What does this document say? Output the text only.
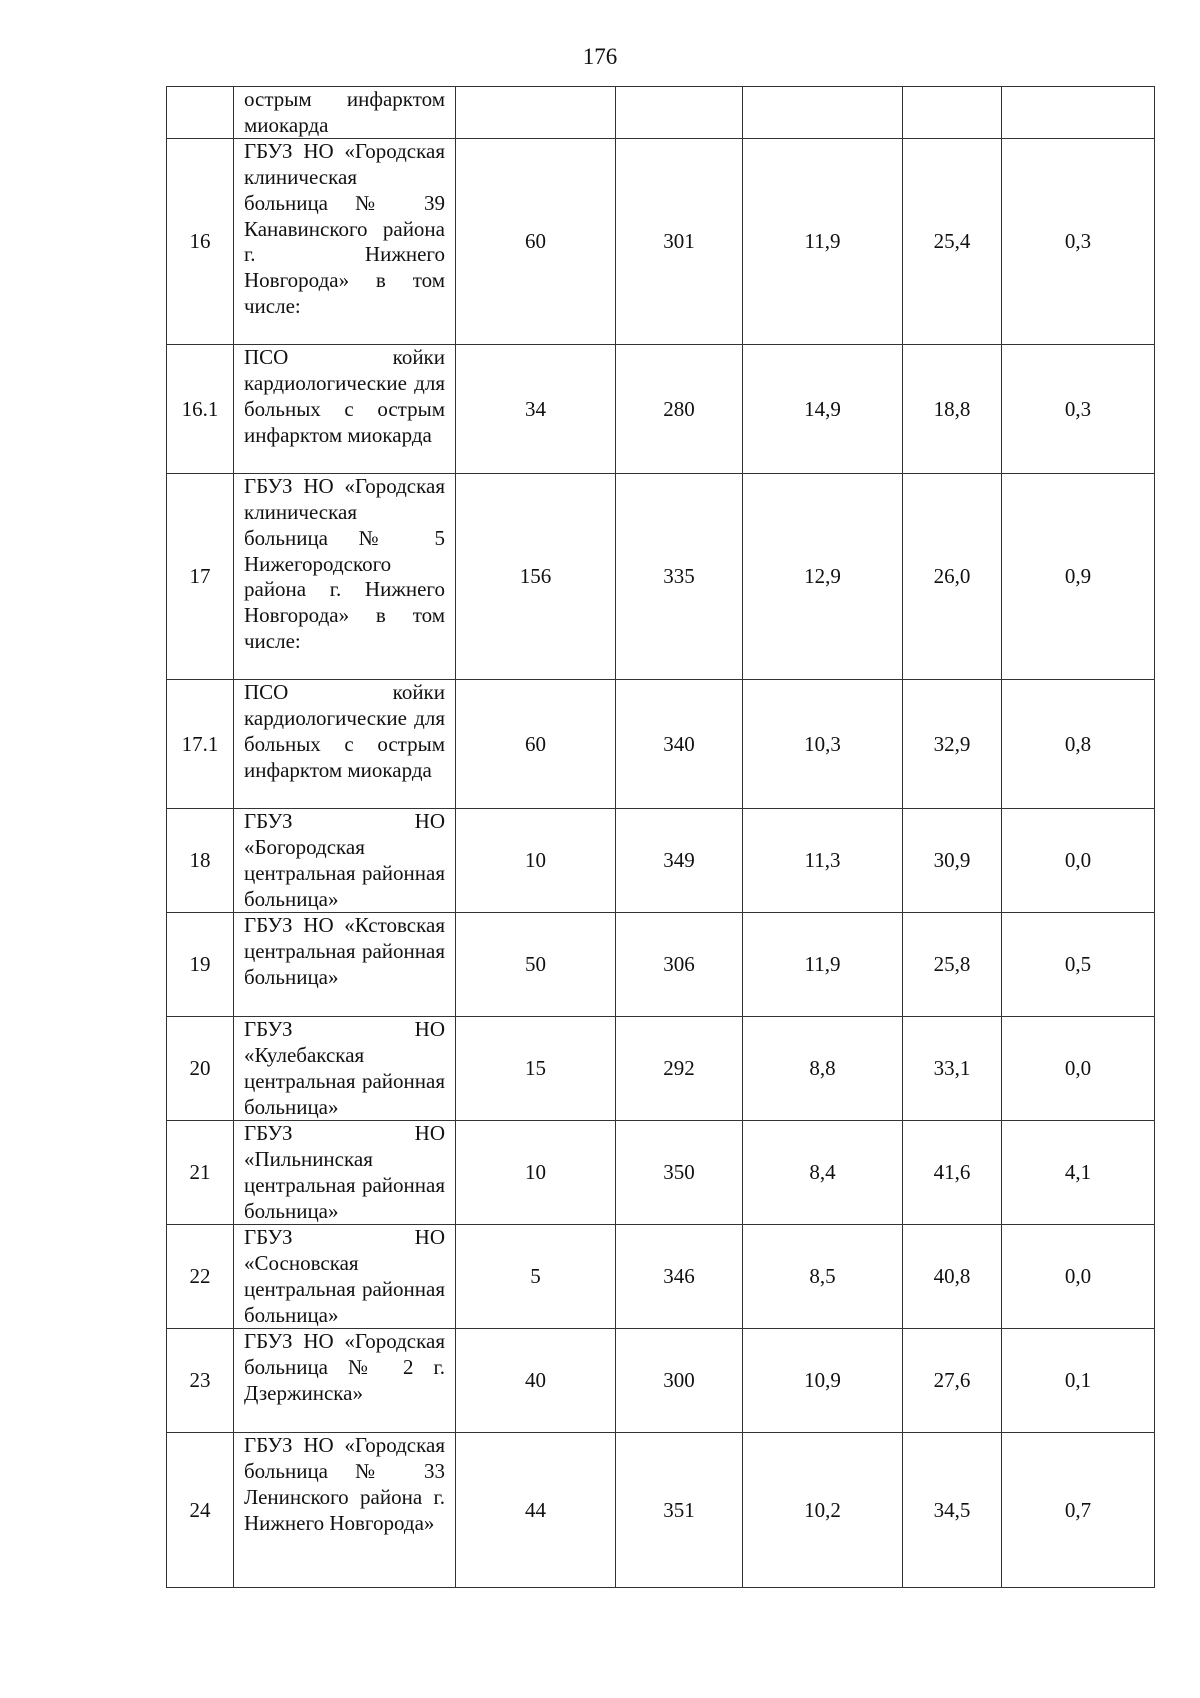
176

	острым инфарктом миокарда					

16	ГБУЗ НО «Городская клиническая больница № 39 Канавинского района г. Нижнего Новгорода» в том числе:	60	301	11,9	25,4	0,3
16.1	ПСО койки кардиологические для больных с острым инфарктом миокарда	34	280	14,9	18,8	0,3
17	ГБУЗ НО «Городская клиническая больница № 5 Нижегородского района г. Нижнего Новгорода» в том числе:	156	335	12,9	26,0	0,9
17.1	ПСО койки кардиологические для больных с острым инфарктом миокарда	60	340	10,3	32,9	0,8
18	ГБУЗ НО «Богородская центральная районная больница»	10	349	11,3	30,9	0,0
19	ГБУЗ НО «Кстовская центральная районная больница»	50	306	11,9	25,8	0,5
20	ГБУЗ НО «Кулебакская центральная районная больница»	15	292	8,8	33,1	0,0
21	ГБУЗ НО «Пильнинская центральная районная больница»	10	350	8,4	41,6	4,1
22	ГБУЗ НО «Сосновская центральная районная больница»	5	346	8,5	40,8	0,0
23	ГБУЗ НО «Городская больница № 2 г. Дзержинска»	40	300	10,9	27,6	0,1
24	ГБУЗ НО «Городская больница № 33 Ленинского района г. Нижнего Новгорода»	44	351	10,2	34,5	0,7
